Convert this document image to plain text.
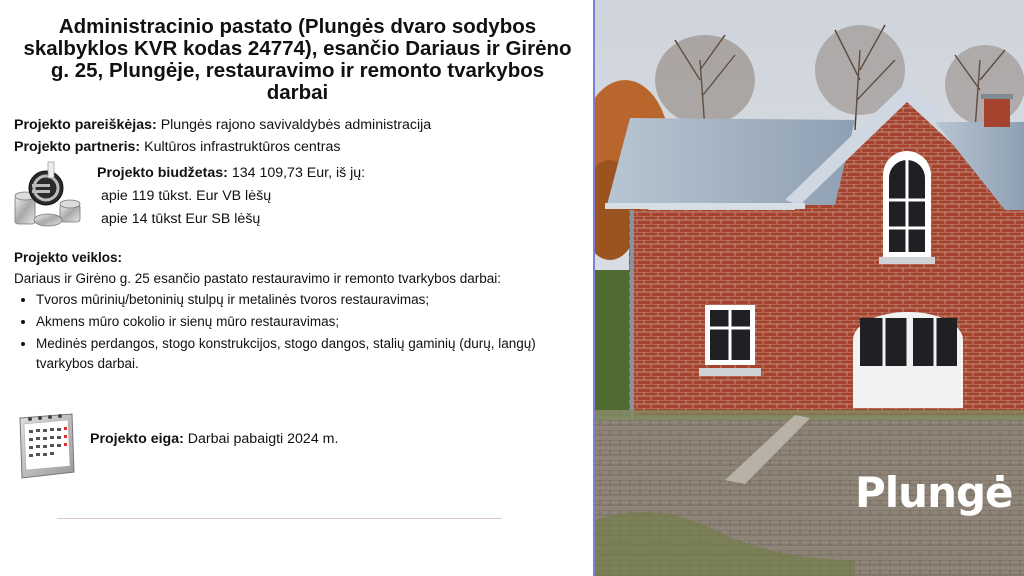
Administracinio pastato (Plungės dvaro sodybos skalbyklos KVR kodas 24774), esančio Dariaus ir Girėno g. 25, Plungėje, restauravimo ir remonto tvarkybos darbai
Projekto pareiškėjas: Plungės rajono savivaldybės administracija
Projekto partneris: Kultūros infrastruktūros centras
Projekto biudžetas: 134 109,73 Eur, iš jų:
apie 119 tūkst. Eur VB lėšų
apie 14 tūkst Eur SB lėšų
Projekto veiklos:
Dariaus ir Girėno g. 25 esančio pastato restauravimo ir remonto tvarkybos darbai:
• Tvoros mūrinių/betoninių stulpų ir metalinės tvoros restauravimas;
• Akmens mūro cokolio ir sienų mūro restauravimas;
• Medinės perdangos, stogo konstrukcijos, stogo dangos, stalių gaminių (durų, langų) tvarkybos darbai.
Projekto eiga: Darbai pabaigti 2024 m.
Plungė
